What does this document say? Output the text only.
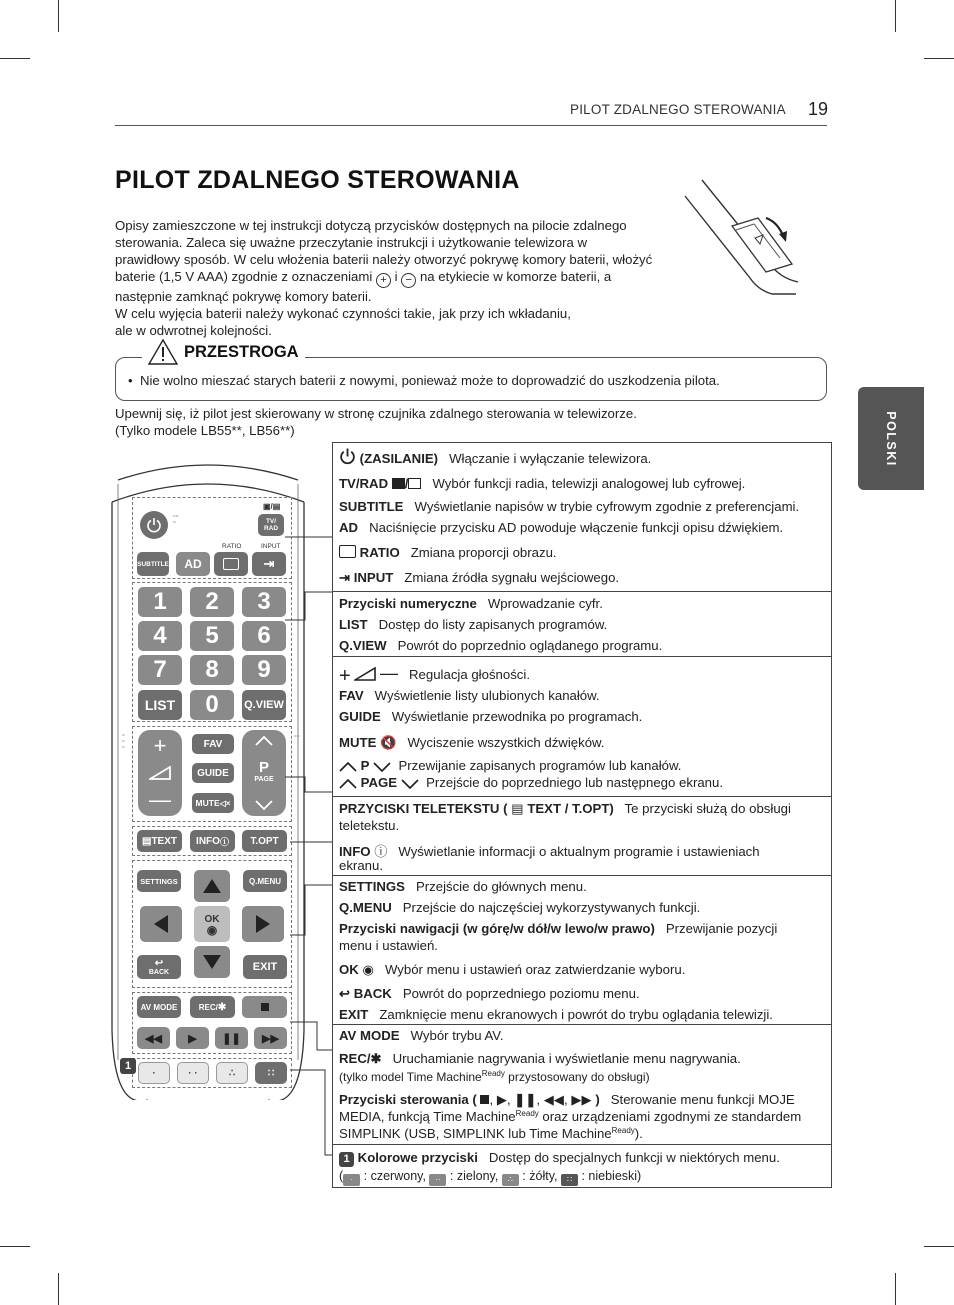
PILOT ZDALNEGO STEROWANIA 19
PILOT ZDALNEGO STEROWANIA
Opisy zamieszczone w tej instrukcji dotyczą przycisków dostępnych na pilocie zdalnego
sterowania. Zaleca się uważne przeczytanie instrukcji i użytkowanie telewizora w
prawidłowy sposób. W celu włożenia baterii należy otworzyć pokrywę komory baterii, włożyć
baterie (1,5 V AAA) zgodnie z oznaczeniami + i − na etykiecie w komorze baterii, a
następnie zamknąć pokrywę komory baterii.
W celu wyjęcia baterii należy wykonać czynności takie, jak przy ich wkładaniu,
ale w odwrotnej kolejności.
PRZESTROGA
• Nie wolno mieszać starych baterii z nowymi, ponieważ może to doprowadzić do uszkodzenia pilota.
Upewnij się, iż pilot jest skierowany w stronę czujnika zdalnego sterowania w telewizorze.
(Tylko modele LB55**, LB56**)	POLSKI
°°
°	TV/ RAD
▣/▤
RATIO	INPUT
SUBTITLE	AD	⇥
1	2	3
4	5	6
7	8	9
LIST	0	Q.VIEW
°
°
°
°°
+
—
FAV
GUIDE
MUTE ◁×
P
PAGE
▤ TEXT INFO ⓘ	T.OPT
SETTINGS	Q.MENU
OK
◉
↩
BACK	EXIT
AV MODE	REC/ ✱
◀◀ ▶ ❚❚ ▶▶
1
·	· ·	∴	∷
(ZASILANIE) Włączanie i wyłączanie telewizora.
TV/RAD / Wybór funkcji radia, telewizji analogowej lub cyfrowej.
SUBTITLE Wyświetlanie napisów w trybie cyfrowym zgodnie z preferencjami.
AD Naciśnięcie przycisku AD powoduje włączenie funkcji opisu dźwiękiem.
RATIO Zmiana proporcji obrazu.
⇥ INPUT Zmiana źródła sygnału wejściowego.
Przyciski numeryczne Wprowadzanie cyfr.
LIST Dostęp do listy zapisanych programów.
Q.VIEW Powrót do poprzednio oglądanego programu.
+ — Regulacja głośności.
FAV Wyświetlenie listy ulubionych kanałów.
GUIDE Wyświetlanie przewodnika po programach.
MUTE 🔇 Wyciszenie wszystkich dźwięków.
P Przewijanie zapisanych programów lub kanałów.
PAGE Przejście do poprzedniego lub następnego ekranu.
PRZYCISKI TELETEKSTU ( ▤ TEXT / T.OPT) Te przyciski służą do obsługi
teletekstu.
INFO ⓘ Wyświetlanie informacji o aktualnym programie i ustawieniach
ekranu.
SETTINGS Przejście do głównych menu.
Q.MENU Przejście do najczęściej wykorzystywanych funkcji.
Przyciski nawigacji (w górę/w dół/w lewo/w prawo) Przewijanie pozycji
menu i ustawień.
OK ◉ Wybór menu i ustawień oraz zatwierdzanie wyboru.
↩ BACK Powrót do poprzedniego poziomu menu.
EXIT Zamknięcie menu ekranowych i powrót do trybu oglądania telewizji.
AV MODE Wybór trybu AV.
REC/✱ Uruchamianie nagrywania i wyświetlanie menu nagrywania.
(tylko model Time Machine$^{Ready}$ przystosowany do obsługi)
Przyciski sterowania ( , ▶, ❚❚, ◀◀, ▶▶ ) Sterowanie menu funkcji MOJE
MEDIA, funkcją Time Machine$^{Ready}$ oraz urządzeniami zgodnymi ze standardem
SIMPLINK (USB, SIMPLINK lub Time Machine$^{Ready}$).
1 Kolorowe przyciski Dostęp do specjalnych funkcji w niektórych menu.
( · : czerwony, ·· : zielony, ∴ : żółty, ∷ : niebieski)
